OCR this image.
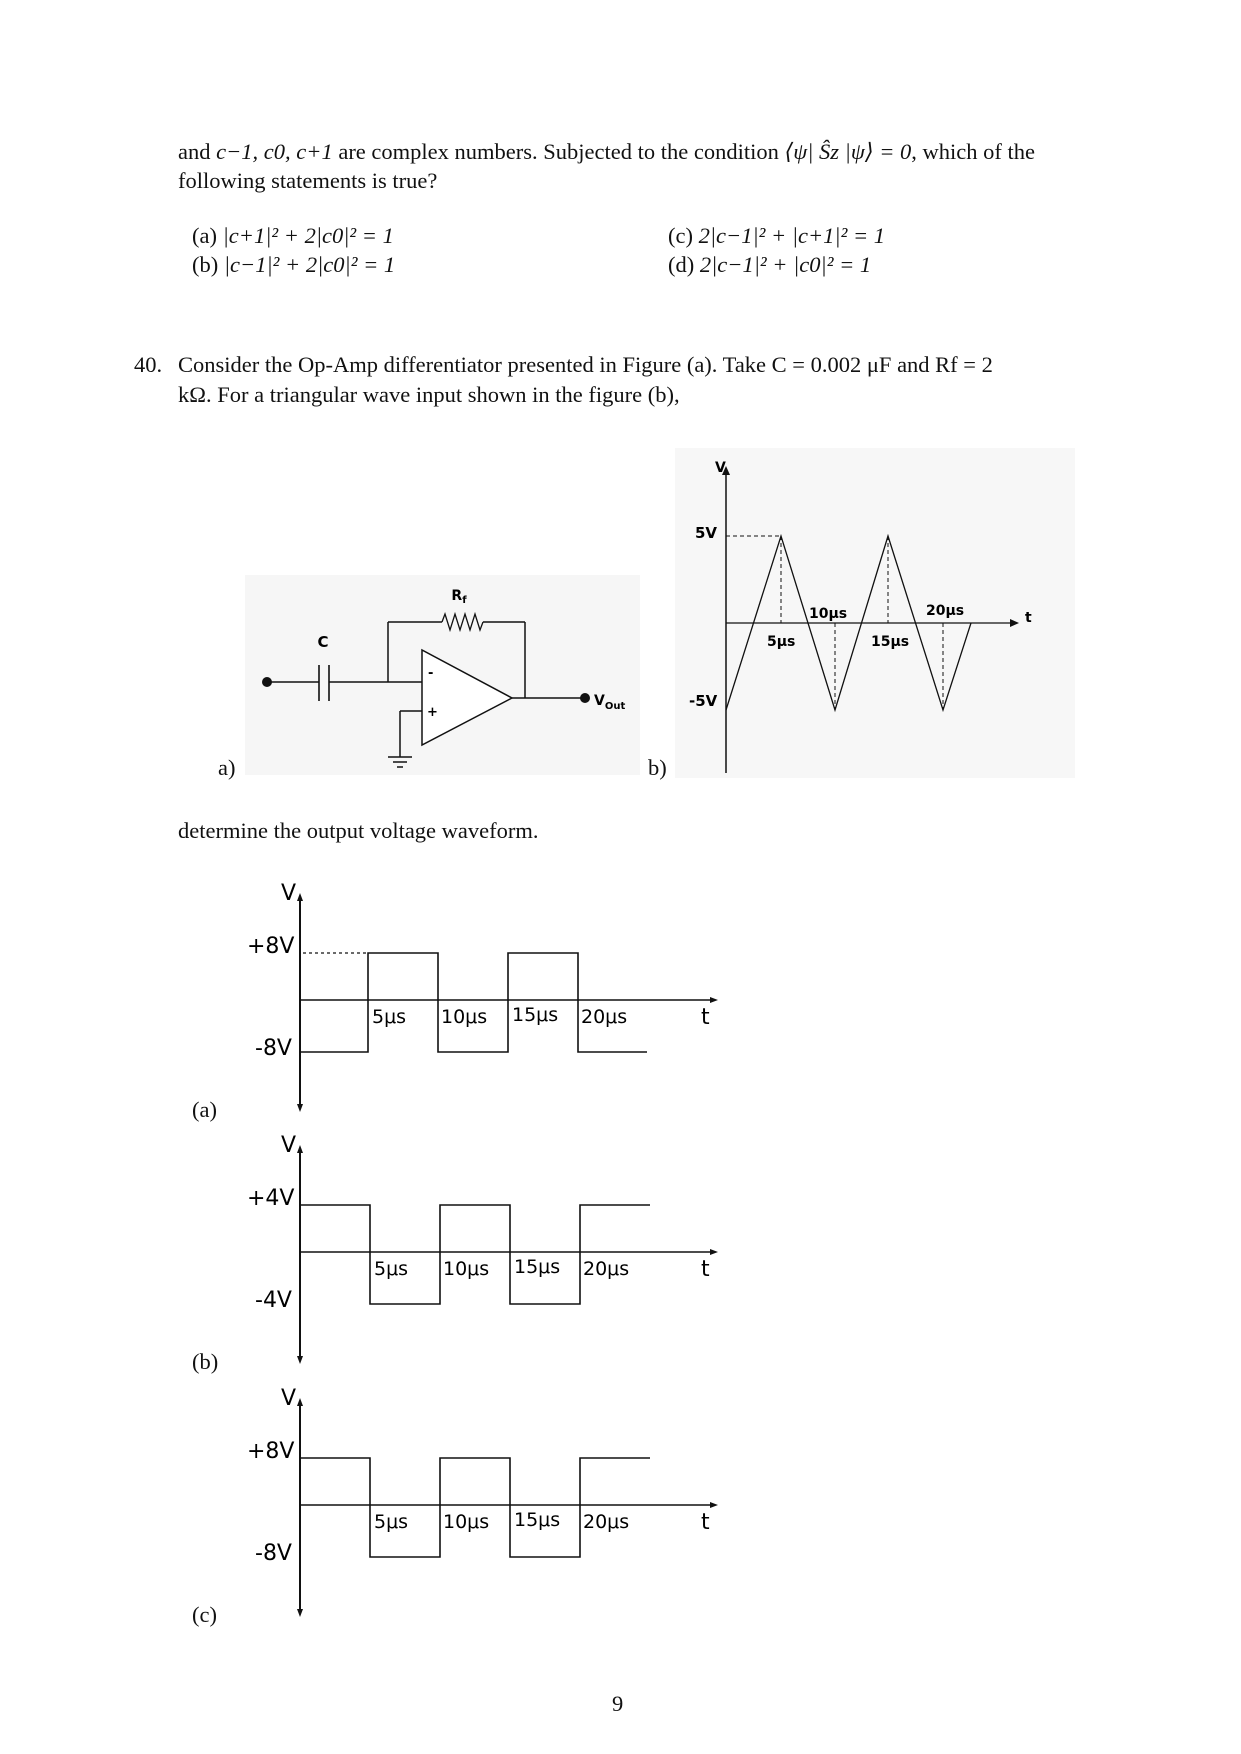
and c−1, c0, c+1 are complex numbers. Subjected to the condition ⟨ψ| Ŝz |ψ⟩ = 0, which of the
following statements is true?
(a) |c+1|² + 2|c0|² = 1
(b) |c−1|² + 2|c0|² = 1
(c) 2|c−1|² + |c+1|² = 1
(d) 2|c−1|² + |c0|² = 1
40. Consider the Op-Amp differentiator presented in Figure (a). Take C = 0.002 μF and Rf = 2
kΩ. For a triangular wave input shown in the figure (b),
C
$R_f$
-
+
$V_{Out}$
a)	b)
V
t
5V
-5V
5μs
10μs
15μs
20μs
determine the output voltage waveform.
V
t
+8V
-8V
5μs 10μs 15μs 20μs
(a)
V
t
+4V
-4V
5μs 10μs 15μs 20μs
(b)
V
t
+8V
-8V
5μs 10μs 15μs 20μs
(c)
9
